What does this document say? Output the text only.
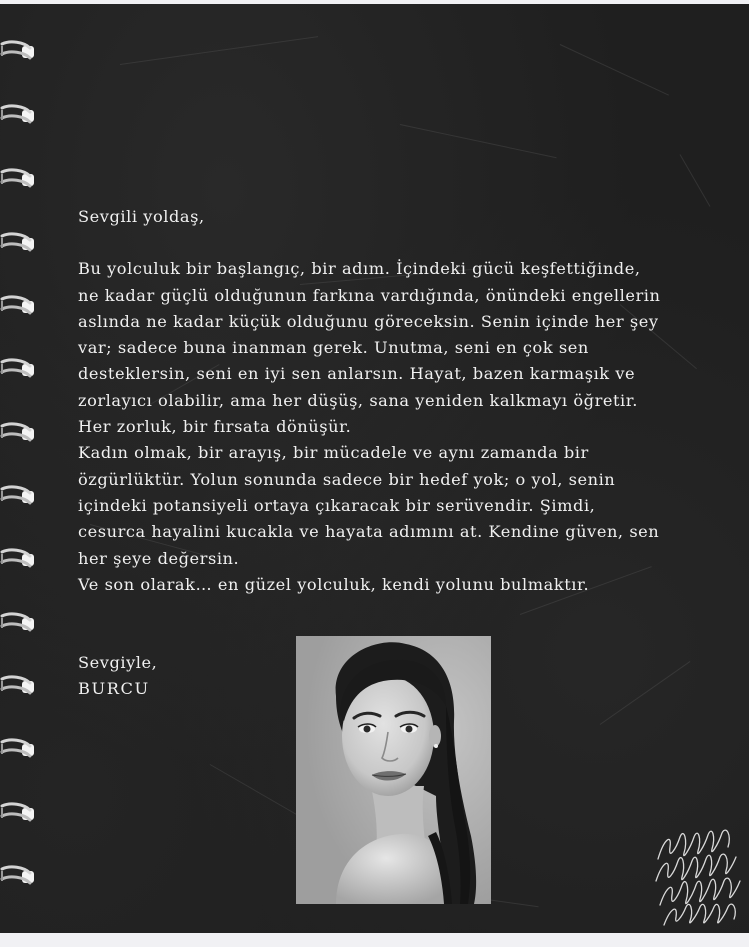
Sevgili yoldaş,

Bu yolculuk bir başlangıç, bir adım. İçindeki gücü keşfettiğinde,

ne kadar güçlü olduğunun farkına vardığında, önündeki engellerin

aslında ne kadar küçük olduğunu göreceksin. Senin içinde her şey

var; sadece buna inanman gerek. Unutma, seni en çok sen

desteklersin, seni en iyi sen anlarsın. Hayat, bazen karmaşık ve

zorlayıcı olabilir, ama her düşüş, sana yeniden kalkmayı öğretir.

Her zorluk, bir fırsata dönüşür.

Kadın olmak, bir arayış, bir mücadele ve aynı zamanda bir

özgürlüktür. Yolun sonunda sadece bir hedef yok; o yol, senin

içindeki potansiyeli ortaya çıkaracak bir serüvendir. Şimdi,

cesurca hayalini kucakla ve hayata adımını at. Kendine güven, sen

her şeye değersin.

Ve son olarak… en güzel yolculuk, kendi yolunu bulmaktır.

Sevgiyle,
BURCU
